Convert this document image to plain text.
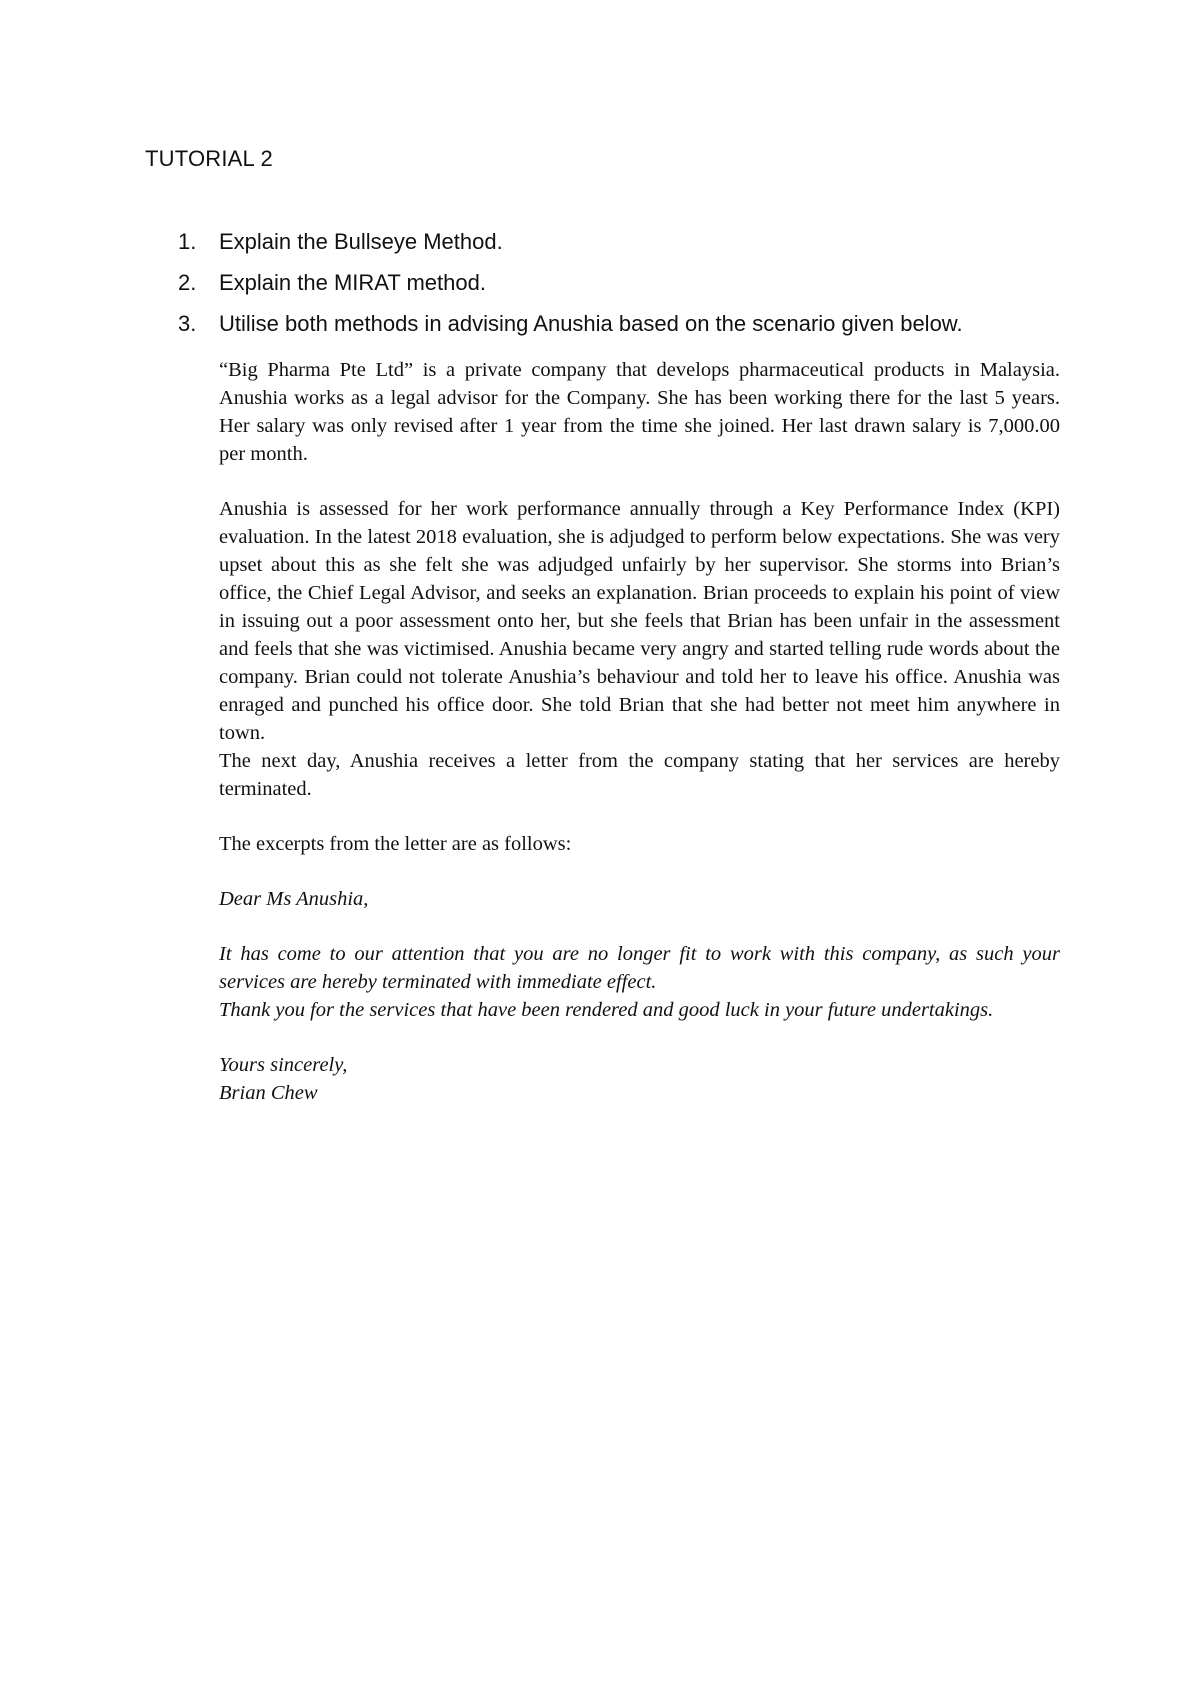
TUTORIAL 2
1.	Explain the Bullseye Method.
2.	Explain the MIRAT method.
3.	Utilise both methods in advising Anushia based on the scenario given below.

“Big Pharma Pte Ltd” is a private company that develops pharmaceutical products in Malaysia. Anushia works as a legal advisor for the Company. She has been working there for the last 5 years. Her salary was only revised after 1 year from the time she joined. Her last drawn salary is 7,000.00 per month.

Anushia is assessed for her work performance annually through a Key Performance Index (KPI) evaluation. In the latest 2018 evaluation, she is adjudged to perform below expectations. She was very upset about this as she felt she was adjudged unfairly by her supervisor. She storms into Brian’s office, the Chief Legal Advisor, and seeks an explanation. Brian proceeds to explain his point of view in issuing out a poor assessment onto her, but she feels that Brian has been unfair in the assessment and feels that she was victimised. Anushia became very angry and started telling rude words about the company. Brian could not tolerate Anushia’s behaviour and told her to leave his office. Anushia was enraged and punched his office door. She told Brian that she had better not meet him anywhere in town.

The next day, Anushia receives a letter from the company stating that her services are hereby terminated.

The excerpts from the letter are as follows:

Dear Ms Anushia,

It has come to our attention that you are no longer fit to work with this company, as such your services are hereby terminated with immediate effect.

Thank you for the services that have been rendered and good luck in your future undertakings.

Yours sincerely,

Brian Chew
